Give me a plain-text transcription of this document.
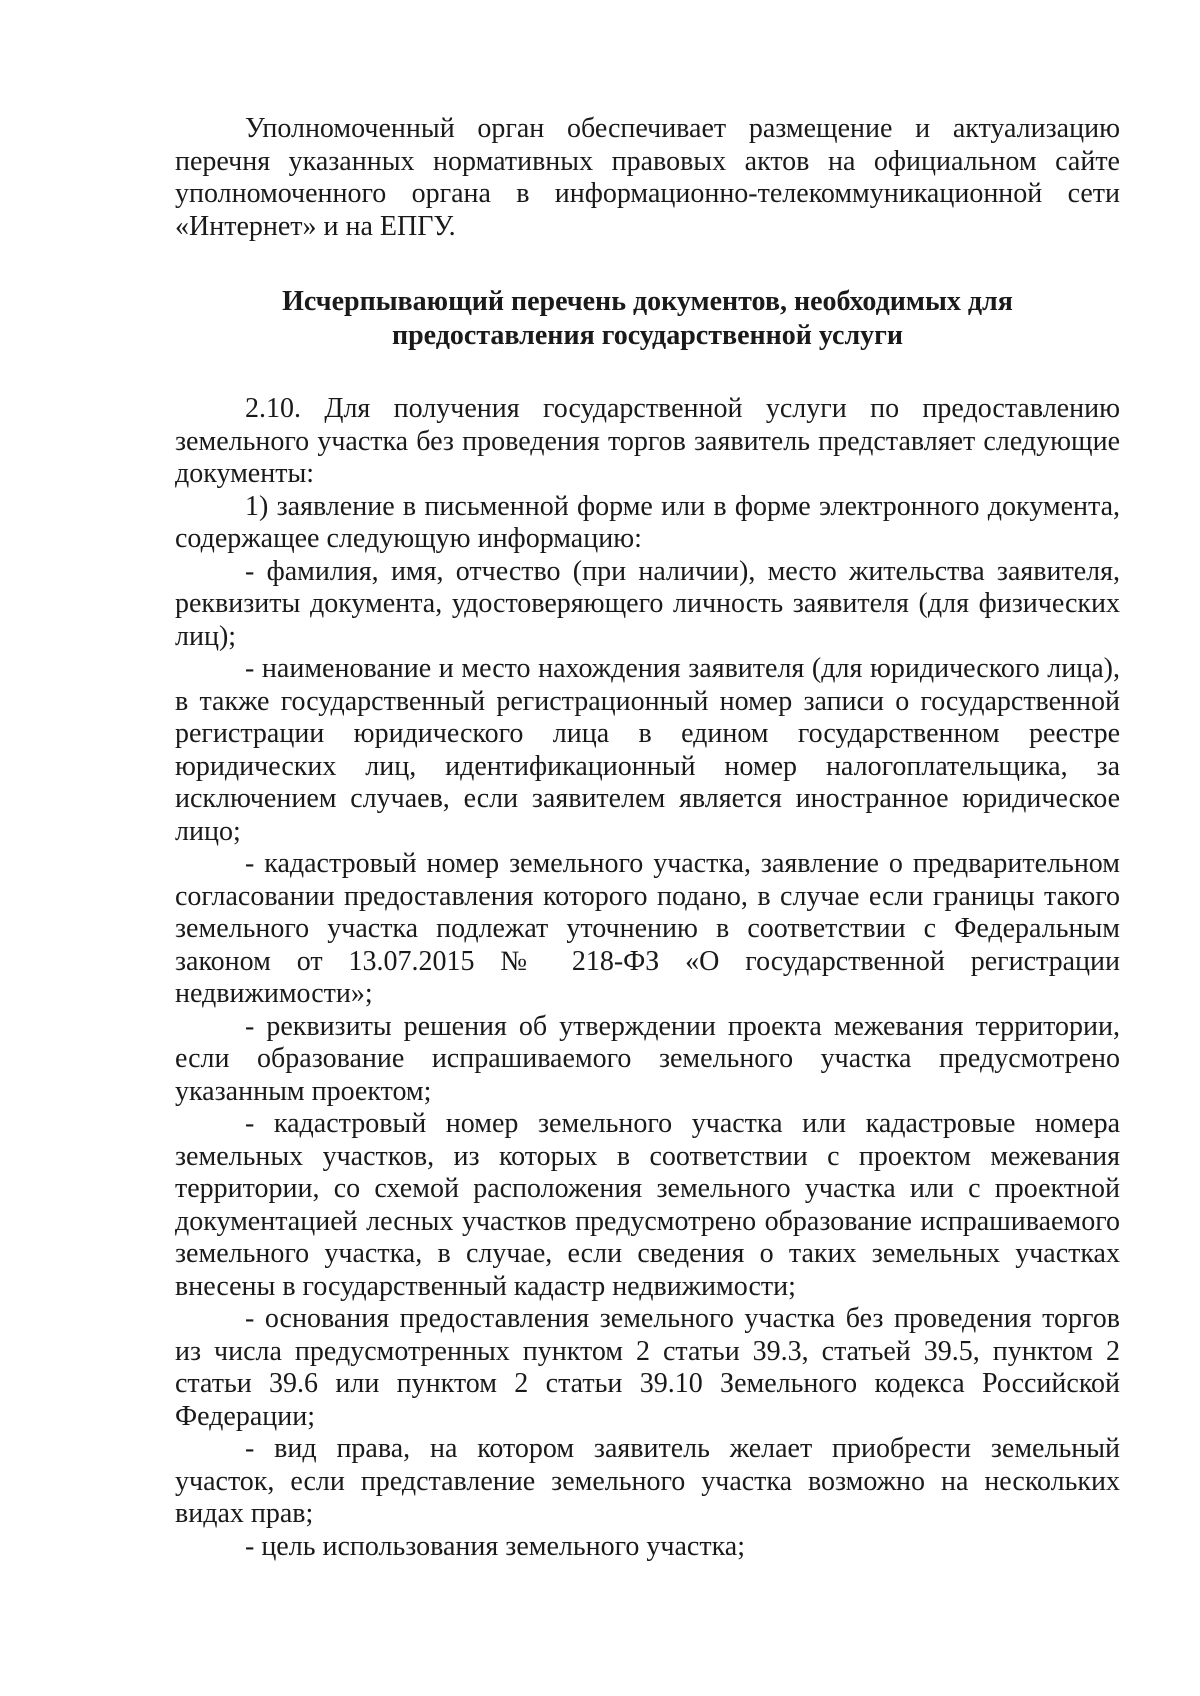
Уполномоченный орган обеспечивает размещение и актуализацию перечня указанных нормативных правовых актов на официальном сайте уполномоченного органа в информационно-телекоммуникационной сети «Интернет» и на ЕПГУ.

Исчерпывающий перечень документов, необходимых для
предоставления государственной услуги

2.10. Для получения государственной услуги по предоставлению земельного участка без проведения торгов заявитель представляет следующие документы:

1) заявление в письменной форме или в форме электронного документа, содержащее следующую информацию:

- фамилия, имя, отчество (при наличии), место жительства заявителя, реквизиты документа, удостоверяющего личность заявителя (для физических лиц);

- наименование и место нахождения заявителя (для юридического лица), в также государственный регистрационный номер записи о государственной регистрации юридического лица в едином государственном реестре юридических лиц, идентификационный номер налогоплательщика, за исключением случаев, если заявителем является иностранное юридическое лицо;

- кадастровый номер земельного участка, заявление о предварительном согласовании предоставления которого подано, в случае если границы такого земельного участка подлежат уточнению в соответствии с Федеральным законом от 13.07.2015 № 218-ФЗ «О государственной регистрации недвижимости»;

- реквизиты решения об утверждении проекта межевания территории, если образование испрашиваемого земельного участка предусмотрено указанным проектом;

- кадастровый номер земельного участка или кадастровые номера земельных участков, из которых в соответствии с проектом межевания территории, со схемой расположения земельного участка или с проектной документацией лесных участков предусмотрено образование испрашиваемого земельного участка, в случае, если сведения о таких земельных участках внесены в государственный кадастр недвижимости;

- основания предоставления земельного участка без проведения торгов из числа предусмотренных пунктом 2 статьи 39.3, статьей 39.5, пунктом 2 статьи 39.6 или пунктом 2 статьи 39.10 Земельного кодекса Российской Федерации;

- вид права, на котором заявитель желает приобрести земельный участок, если представление земельного участка возможно на нескольких видах прав;

- цель использования земельного участка;
